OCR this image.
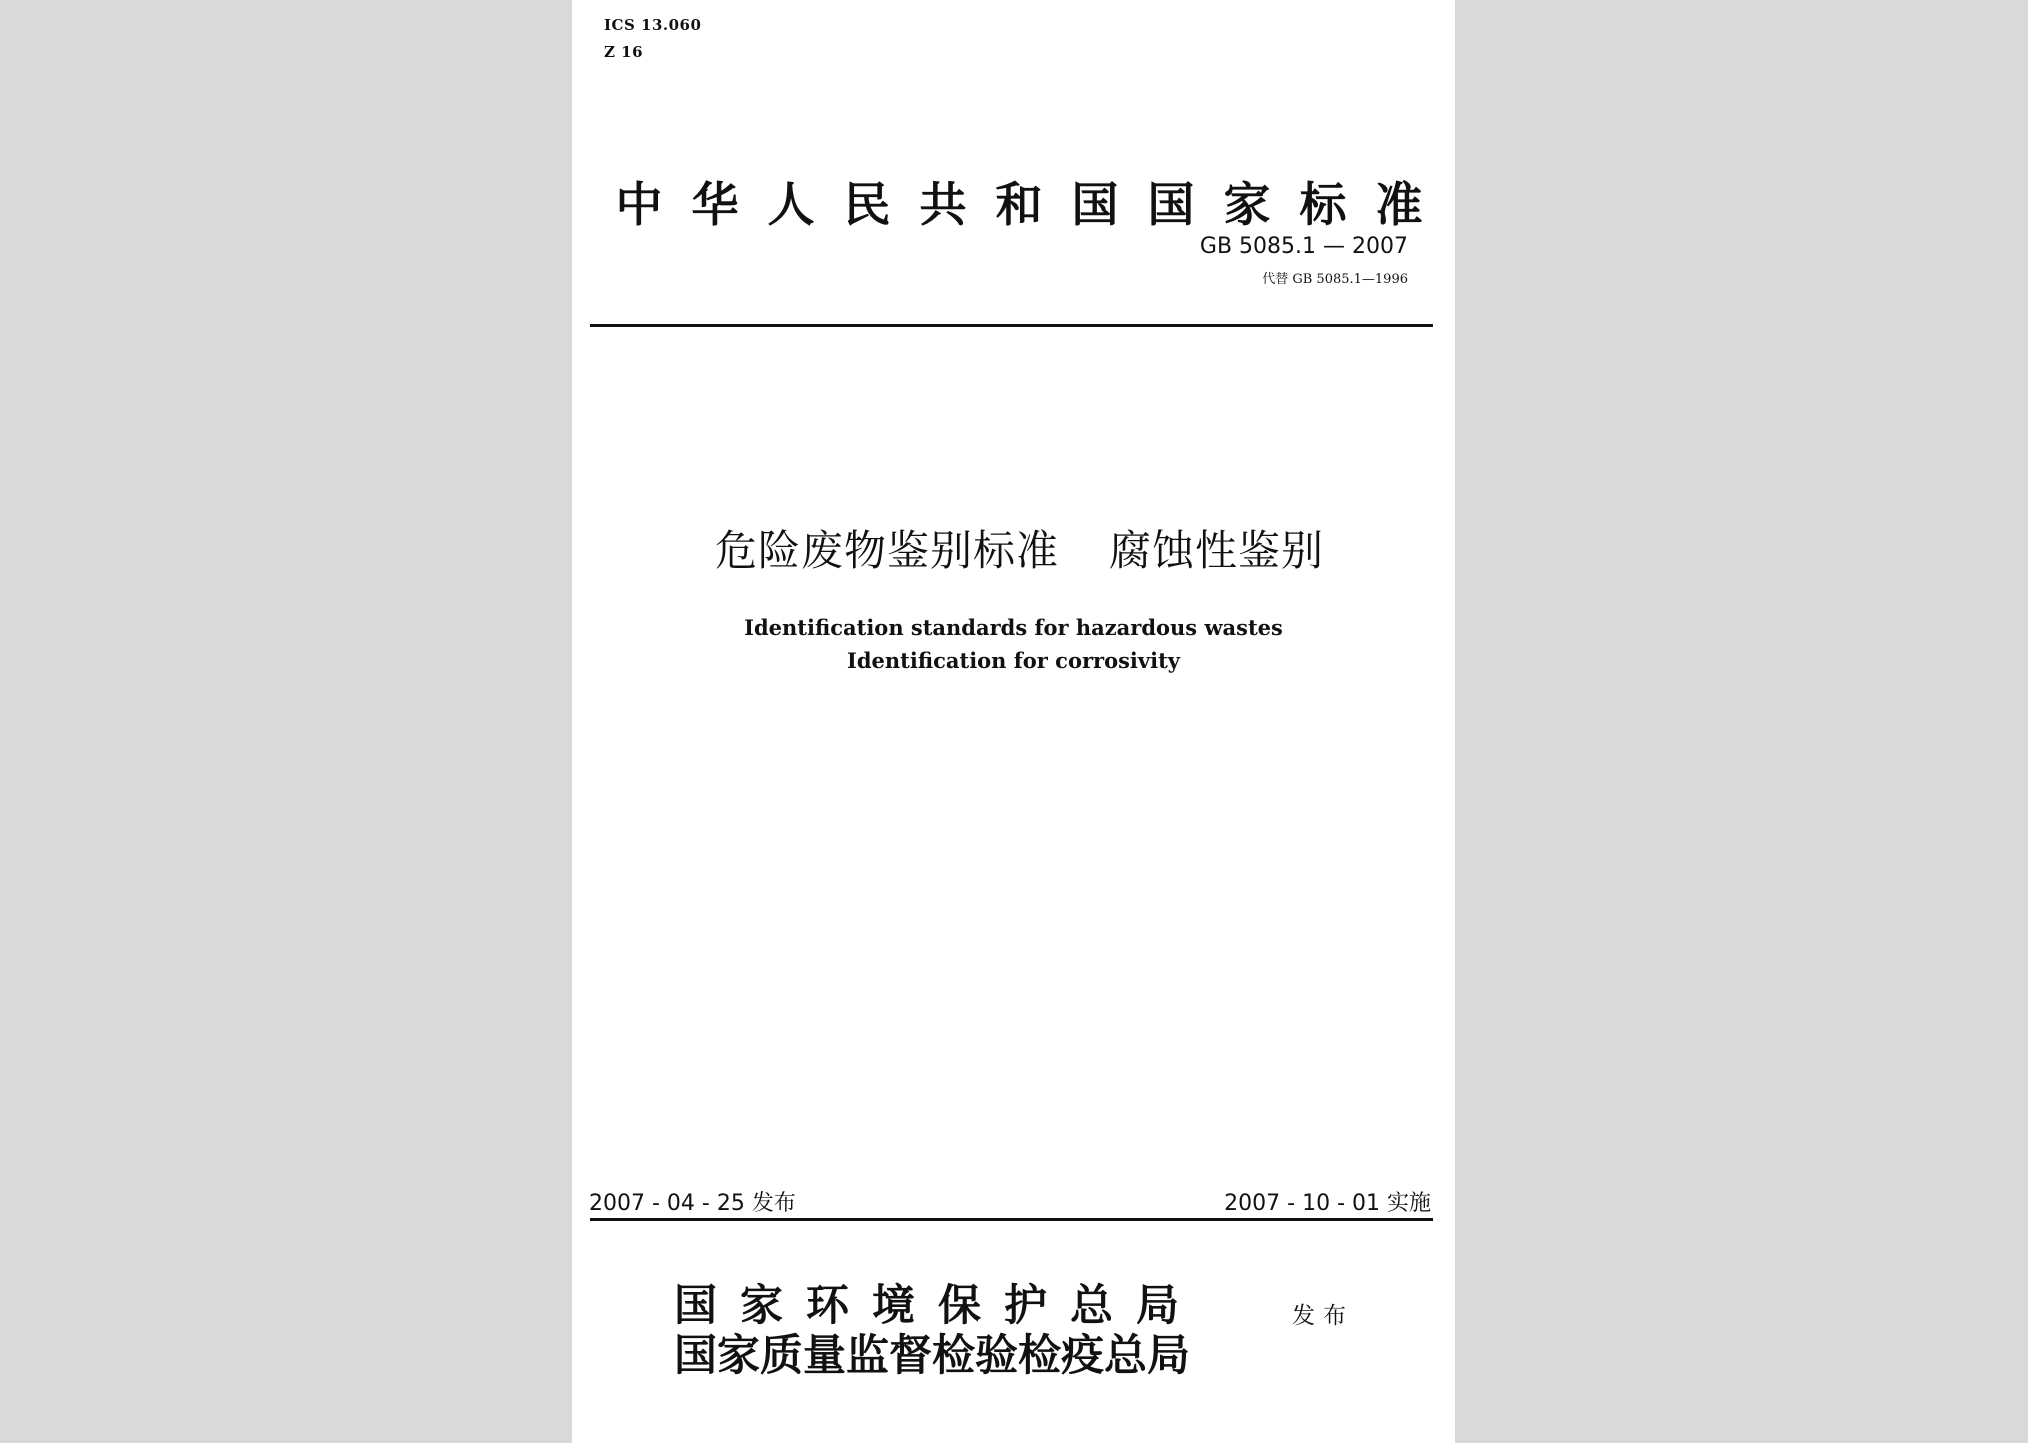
ICS 13.060

Z 16

中华人民共和国国家标准

GB 5085.1 — 2007

代替 GB 5085.1—1996

危险废物鉴别标准 腐蚀性鉴别

Identification standards for hazardous wastes

Identification for corrosivity

2007 - 04 - 25 发布	2007 - 10 - 01 实施

国家环境保护总局

国家质量监督检验检疫总局

发布
